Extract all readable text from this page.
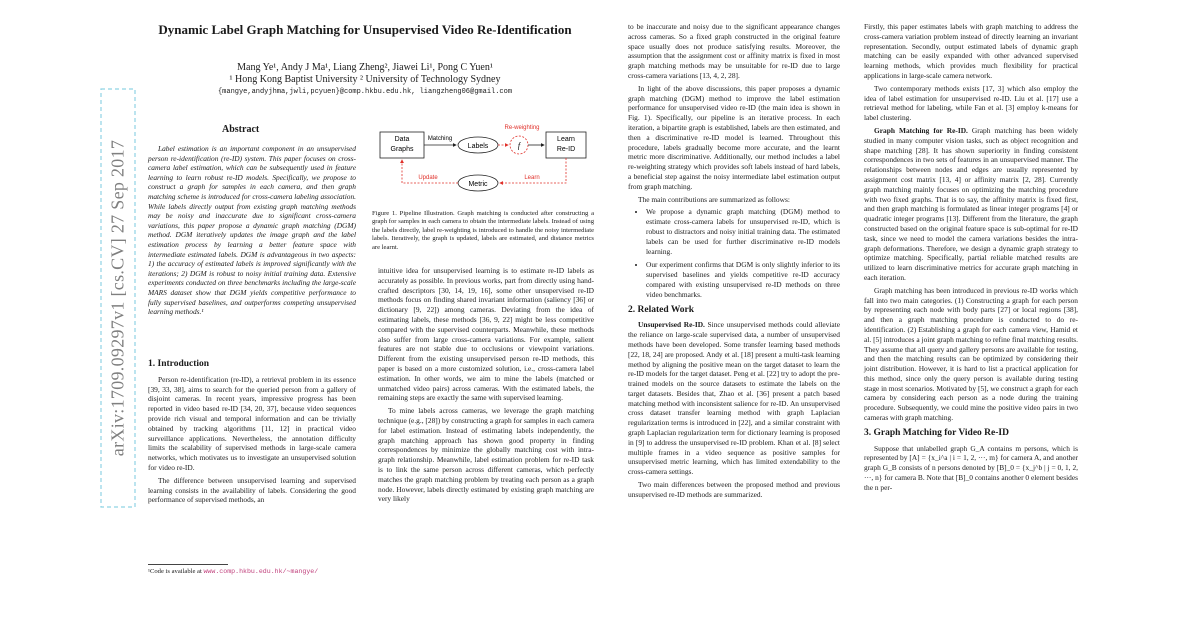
arXiv:1709.09297v1 [cs.CV] 27 Sep 2017
Dynamic Label Graph Matching for Unsupervised Video Re-Identification
Mang Ye¹, Andy J Ma¹, Liang Zheng², Jiawei Li¹, Pong C Yuen¹
¹ Hong Kong Baptist University ² University of Technology Sydney
{mangye,andyjhma,jwli,pcyuen}@comp.hkbu.edu.hk, liangzheng06@gmail.com
Abstract

Label estimation is an important component in an unsupervised person re-identification (re-ID) system. This paper focuses on cross-camera label estimation, which can be subsequently used in feature learning to learn robust re-ID models. Specifically, we propose to construct a graph for samples in each camera, and then graph matching scheme is introduced for cross-camera labeling association. While labels directly output from existing graph matching methods may be noisy and inaccurate due to significant cross-camera variations, this paper propose a dynamic graph matching (DGM) method. DGM iteratively updates the image graph and the label estimation process by learning a better feature space with intermediate estimated labels. DGM is advantageous in two aspects: 1) the accuracy of estimated labels is improved significantly with the iterations; 2) DGM is robust to noisy initial training data. Extensive experiments conducted on three benchmarks including the large-scale MARS dataset show that DGM yields competitive performance to fully supervised baselines, and outperforms competing unsupervised learning methods.¹

1. Introduction

Person re-identification (re-ID), a retrieval problem in its essence [39, 33, 38], aims to search for the queried person from a gallery of disjoint cameras. In recent years, impressive progress has been reported in video based re-ID [34, 20, 37], because video sequences provide rich visual and temporal information and can be trivially obtained by tracking algorithms [11, 12] in practical video surveillance applications. Nevertheless, the annotation difficulty limits the scalability of supervised methods in large-scale camera networks, which motivates us to investigate an unsupervised solution for video re-ID.

The difference between unsupervised learning and supervised learning consists in the availability of labels. Considering the good performance of supervised methods, an

¹Code is available at www.comp.hkbu.edu.hk/~mangye/
Data
Graphs	Labels	f
Learn
Re-ID
Metric
Matching
Re-weighting
Learn
Update

Figure 1. Pipeline Illustration. Graph matching is conducted after constructing a graph for samples in each camera to obtain the intermediate labels. Instead of using the labels directly, label re-weighting is introduced to handle the noisy intermediate labels. Iteratively, the graph is updated, labels are estimated, and distance metrics are learnt.

intuitive idea for unsupervised learning is to estimate re-ID labels as accurately as possible. In previous works, part from directly using hand-crafted descriptors [30, 14, 19, 16], some other unsupervised re-ID methods focus on finding shared invariant information (saliency [36] or dictionary [9, 22]) among cameras. Deviating from the idea of estimating labels, these methods [36, 9, 22] might be less competitive compared with the supervised counterparts. Meanwhile, these methods also suffer from large cross-camera variations. For example, salient features are not stable due to occlusions or viewpoint variations. Different from the existing unsupervised person re-ID methods, this paper is based on a more customized solution, i.e., cross-camera label estimation. In other words, we aim to mine the labels (matched or unmatched video pairs) across cameras. With the estimated labels, the remaining steps are exactly the same with supervised learning.

To mine labels across cameras, we leverage the graph matching technique (e.g., [28]) by constructing a graph for samples in each camera for label estimation. Instead of estimating labels independently, the graph matching approach has shown good property in finding correspondences by minimize the globally matching cost with intra-graph relationship. Meanwhile, label estimation problem for re-ID task is to link the same person across different cameras, which perfectly matches the graph matching problem by treating each person as a graph node. However, labels directly estimated by existing graph matching are very likely

to be inaccurate and noisy due to the significant appearance changes across cameras. So a fixed graph constructed in the original feature space usually does not produce satisfying results. Moreover, the assumption that the assignment cost or affinity matrix is fixed in most graph matching methods may be unsuitable for re-ID due to large cross-camera variations [13, 4, 2, 28].

In light of the above discussions, this paper proposes a dynamic graph matching (DGM) method to improve the label estimation performance for unsupervised video re-ID (the main idea is shown in Fig. 1). Specifically, our pipeline is an iterative process. In each iteration, a bipartite graph is established, labels are then estimated, and then a discriminative re-ID model is learned. Throughout this procedure, labels gradually become more accurate, and the learnt metric more discriminative. Additionally, our method includes a label re-weighting strategy which provides soft labels instead of hard labels, a beneficial step against the noisy intermediate label estimation output from graph matching.

The main contributions are summarized as follows:

• We propose a dynamic graph matching (DGM) method to estimate cross-camera labels for unsupervised re-ID, which is robust to distractors and noisy initial training data. The estimated labels can be used for further discriminative re-ID models learning.
• Our experiment confirms that DGM is only slightly inferior to its supervised baselines and yields competitive re-ID accuracy compared with existing unsupervised re-ID methods on three video benchmarks.
2. Related Work

Unsupervised Re-ID. Since unsupervised methods could alleviate the reliance on large-scale supervised data, a number of unsupervised methods have been developed. Some transfer learning based methods [22, 18, 24] are proposed. Andy et al. [18] present a multi-task learning method by aligning the positive mean on the target dataset to learn the re-ID models for the target dataset. Peng et al. [22] try to adopt the pre-trained models on the source datasets to estimate the labels on the target datasets. Besides that, Zhao et al. [36] present a patch based matching method with inconsistent salience for re-ID. An unsupervised cross dataset transfer learning method with graph Laplacian regularization terms is introduced in [22], and a similar constraint with graph Laplacian regularization term for dictionary learning is proposed in [9] to address the unsupervised re-ID problem. Khan et al. [8] select multiple frames in a video sequence as positive samples for unsupervised metric learning, which has limited extendability to the cross-camera settings.

Two main differences between the proposed method and previous unsupervised re-ID methods are summarized.

Firstly, this paper estimates labels with graph matching to address the cross-camera variation problem instead of directly learning an invariant representation. Secondly, output estimated labels of dynamic graph matching can be easily expanded with other advanced supervised learning methods, which provides much flexibility for practical applications in large-scale camera network.

Two contemporary methods exists [17, 3] which also employ the idea of label estimation for unsupervised re-ID. Liu et al. [17] use a retrieval method for labeling, while Fan et al. [3] employ k-means for label clustering.

Graph Matching for Re-ID. Graph matching has been widely studied in many computer vision tasks, such as object recognition and shape matching [28]. It has shown superiority in finding consistent correspondences in two sets of features in an unsupervised manner. The relationships between nodes and edges are usually represented by assignment cost matrix [13, 4] or affinity matrix [2, 28]. Currently graph matching mainly focuses on optimizing the matching procedure with two fixed graphs. That is to say, the affinity matrix is fixed first, and then graph matching is formulated as linear integer programs [4] or quadratic integer programs [13]. Different from the literature, the graph constructed based on the original feature space is sub-optimal for re-ID task, since we need to model the camera variations besides the intra-graph deformations. Therefore, we design a dynamic graph strategy to optimize matching. Specifically, partial reliable matched results are utilized to learn discriminative metrics for accurate graph matching in each iteration.

Graph matching has been introduced in previous re-ID works which fall into two main categories. (1) Constructing a graph for each person by representing each node with body parts [27] or local regions [38], and then a graph matching procedure is conducted to do re-identification. (2) Establishing a graph for each camera view, Hamid et al. [5] introduces a joint graph matching to refine final matching results. They assume that all query and gallery persons are available for testing, and then the matching results can be optimized by considering their joint distribution. However, it is hard to list a practical application for this method, since only the query person is available during testing stage in most scenarios. Motivated by [5], we construct a graph for each camera by considering each person as a node during the training procedure. Subsequently, we could mine the positive video pairs in two cameras with graph matching.

3. Graph Matching for Video Re-ID

Suppose that unlabelled graph G_A contains m persons, which is represented by [A] = {x_i^a | i = 1, 2, ···, m} for camera A, and another graph G_B consists of n persons denoted by [B]_0 = {x_j^b | j = 0, 1, 2, ···, n} for camera B. Note that [B]_0 contains another 0 element besides the n per-
